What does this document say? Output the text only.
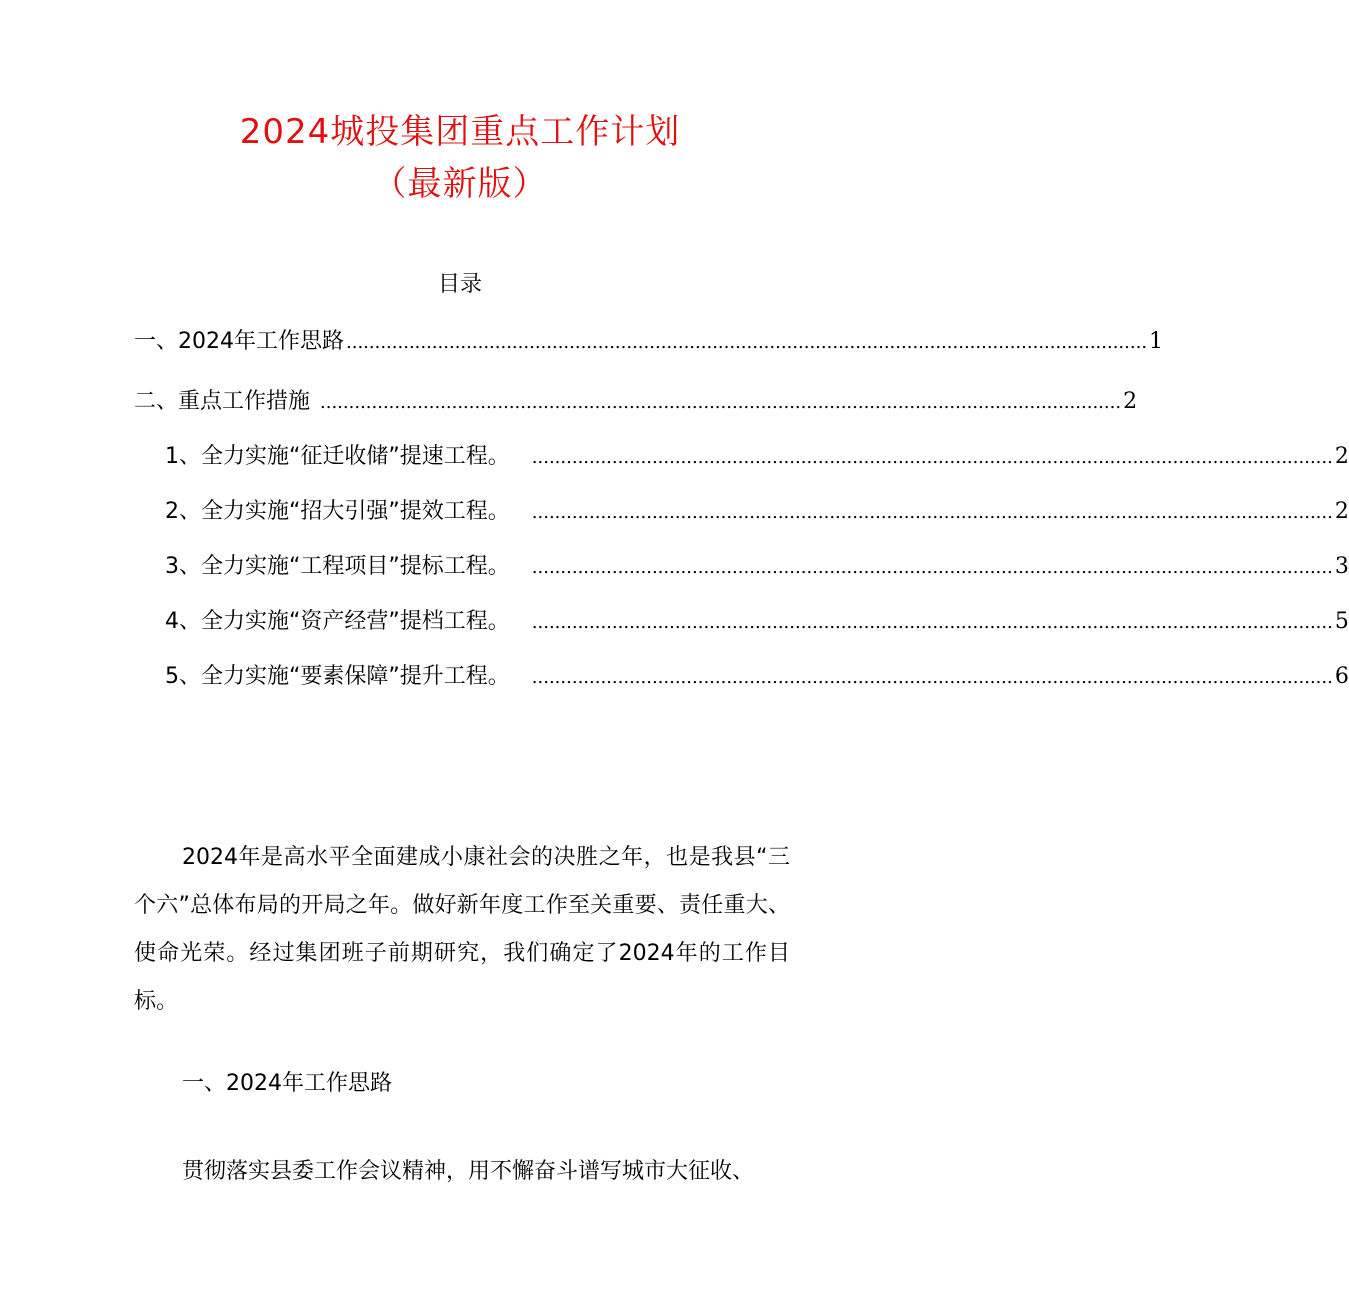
2024城投集团重点工作计划
（最新版）
目录
一、2024年工作思路 ............................................................................................................................................ 1
二、重点工作措施 ............................................................................................................................................ 2
1、全力实施“征迁收储”提速工程。 ............................................................................................................................................ 2
2、全力实施“招大引强”提效工程。 ............................................................................................................................................ 2
3、全力实施“工程项目”提标工程。 ............................................................................................................................................ 3
4、全力实施“资产经营”提档工程。 ............................................................................................................................................ 5
5、全力实施“要素保障”提升工程。 ............................................................................................................................................ 6
2024年是高水平全面建成小康社会的决胜之年，也是我县“三个六”总体布局的开局之年。做好新年度工作至关重要、责任重大、使命光荣。经过集团班子前期研究，我们确定了2024年的工作目标。
一、2024年工作思路
贯彻落实县委工作会议精神，用不懈奋斗谱写城市大征收、
